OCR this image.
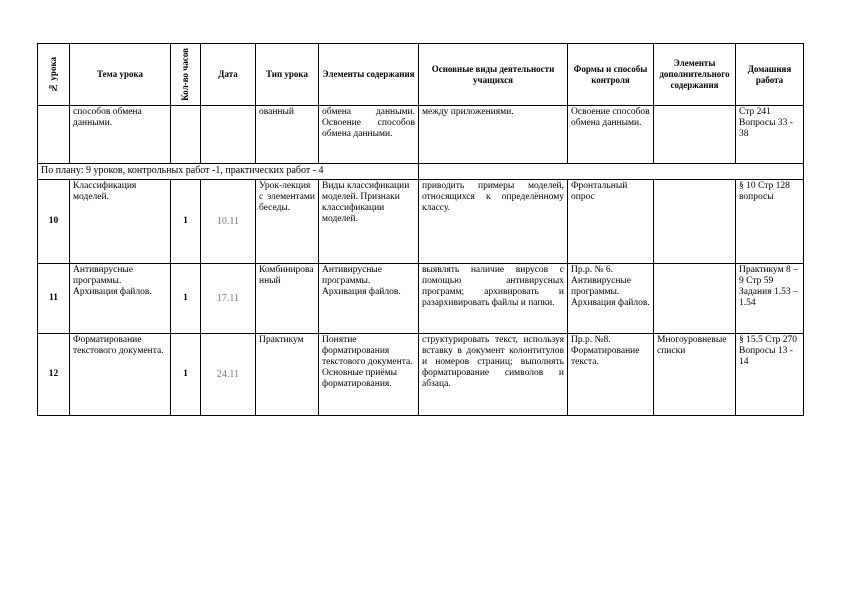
№ урока	Тема урока	Кол-во часов	Дата	Тип урока	Элементы содержания	Основные виды деятельности учащихся	Формы и способы контроля	Элементы дополнительного содержания	Домашняя работа
	способов обмена данными.			ованный	обмена данными. Освоение способов обмена данными.	между приложениями.	Освоение способов обмена данными.		Стр 241 Вопросы 33 - 38
По плану: 9 уроков, контрольных работ -1, практических работ - 4									
10	Классификация моделей.	1	10.11	Урок-лекция с элементами беседы.	Виды классификации моделей. Признаки классификации моделей.	приводить примеры моделей, относящихся к определённому классу.	Фронтальный опрос		§ 10 Стр 128 вопросы
11	Антивирусные программы. Архивация файлов.	1	17.11	Комбинированный	Антивирусные программы. Архивация файлов.	выявлять наличие вирусов с помощью антивирусных программ; архивировать и разархивировать файлы и папки.	Пр.р. № 6. Антивирусные программы. Архивация файлов.		Практикум 8 – 9 Стр 59 Задания 1.53 – 1.54
12	Форматирование текстового документа.	1	24.11	Практикум	Понятие форматирования текстового документа. Основные приёмы форматирования.	структурировать текст, используя вставку в документ колонтитулов и номеров страниц; выполнять форматирование символов и абзаца.	Пр.р. №8. Форматирование текста.	Многоуровневые списки	§ 15.5 Стр 270 Вопросы 13 - 14
